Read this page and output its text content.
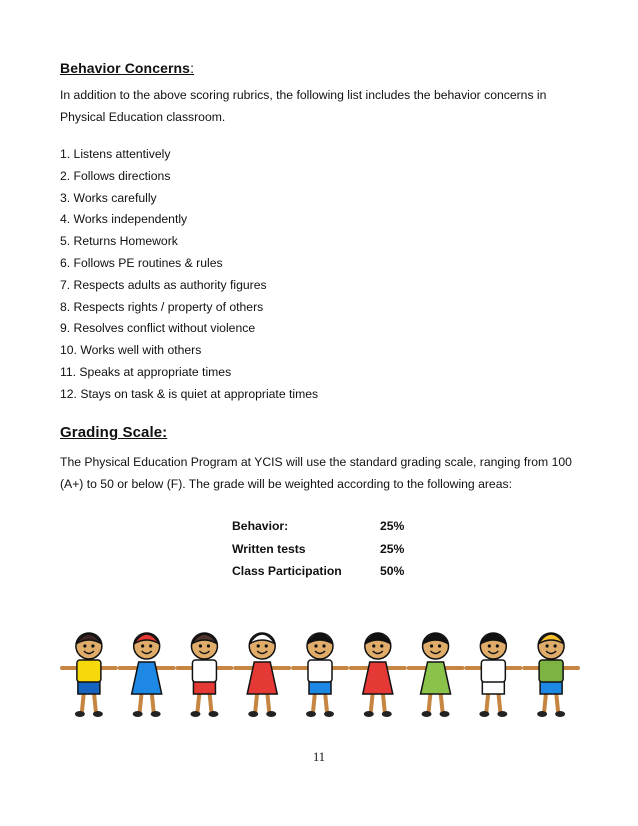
Behavior Concerns:
In addition to the above scoring rubrics, the following list includes the behavior concerns in Physical Education classroom.
1. Listens attentively
2. Follows directions
3. Works carefully
4. Works independently
5. Returns Homework
6. Follows PE routines & rules
7. Respects adults as authority figures
8. Respects rights / property of others
9. Resolves conflict without violence
10. Works well with others
11. Speaks at appropriate times
12. Stays on task & is quiet at appropriate times
Grading Scale:
The Physical Education Program at YCIS will use the standard grading scale, ranging from 100 (A+) to 50 or below (F). The grade will be weighted according to the following areas:
Behavior:	25%
Written tests	25%
Class Participation	50%
11
